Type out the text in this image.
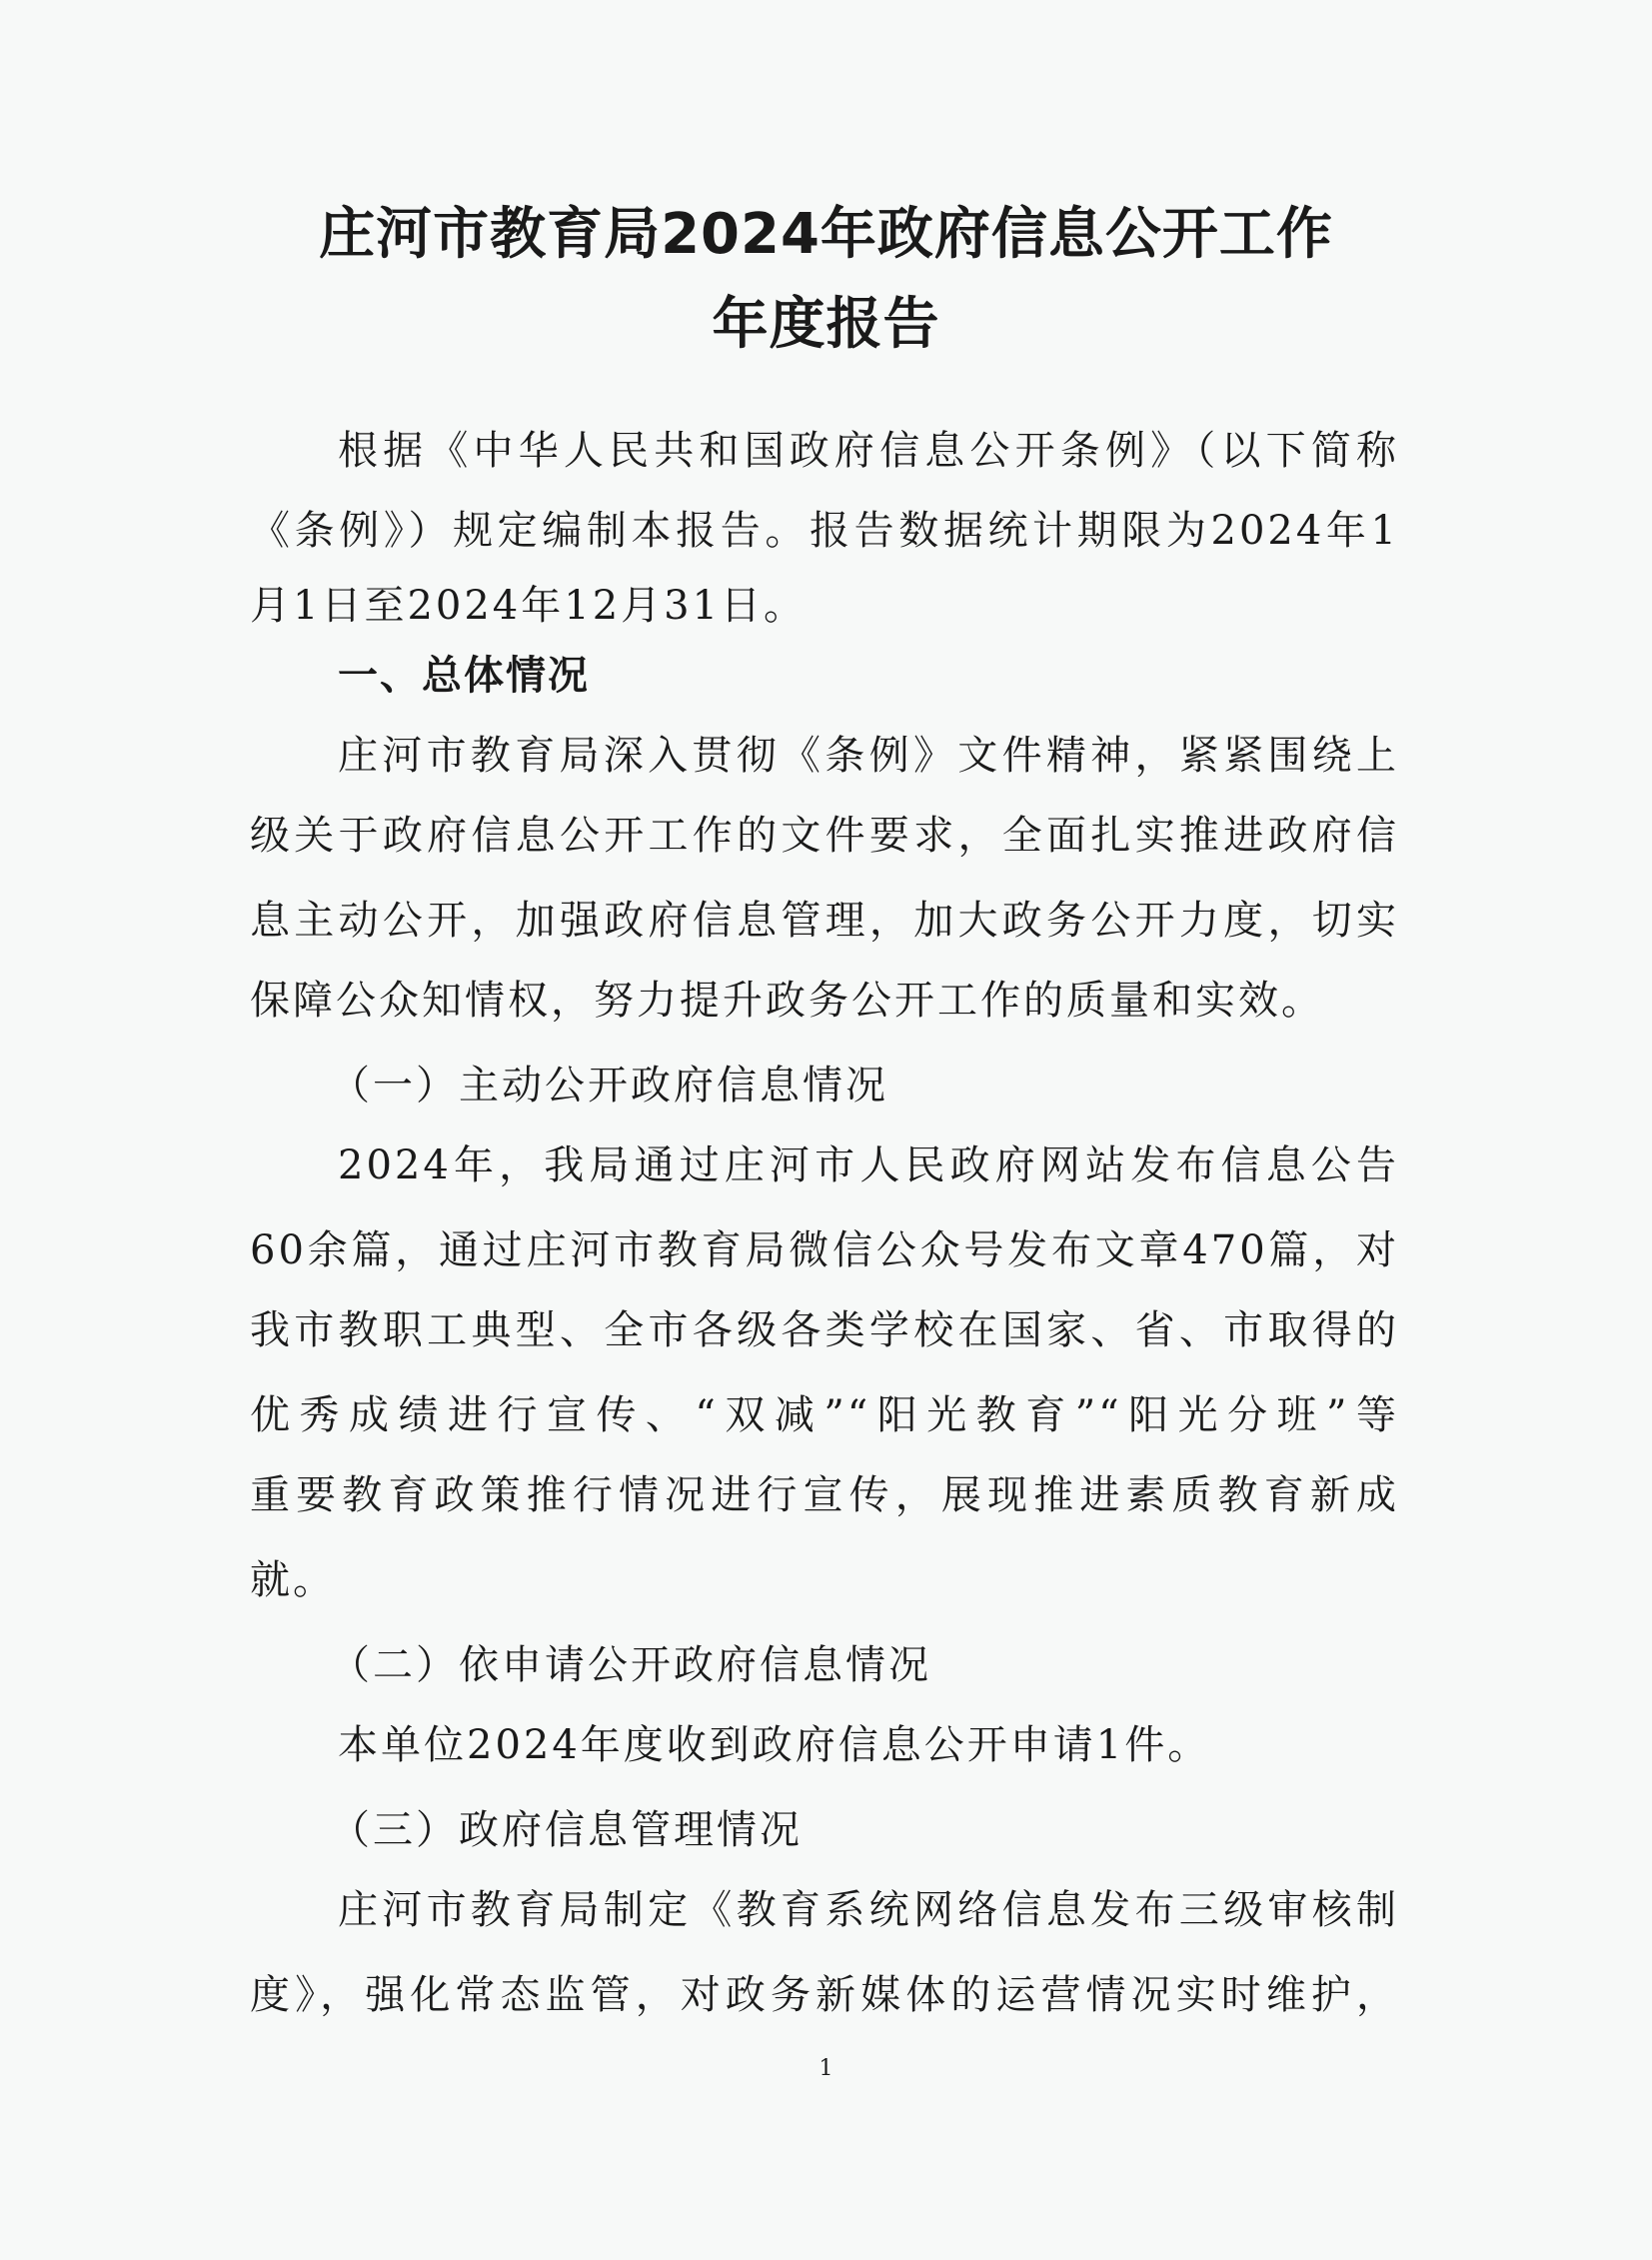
庄河市教育局2024年政府信息公开工作
年度报告

根据《中华人民共和国政府信息公开条例》（以下简称

《条例》）规定编制本报告。报告数据统计期限为2024年1

月1日至2024年12月31日。

一、总体情况

庄河市教育局深入贯彻《条例》文件精神，紧紧围绕上

级关于政府信息公开工作的文件要求，全面扎实推进政府信

息主动公开，加强政府信息管理，加大政务公开力度，切实

保障公众知情权，努力提升政务公开工作的质量和实效。

（一）主动公开政府信息情况

2024年，我局通过庄河市人民政府网站发布信息公告

60余篇，通过庄河市教育局微信公众号发布文章470篇，对

我市教职工典型、全市各级各类学校在国家、省、市取得的

优秀成绩进行宣传、“双减”“阳光教育”“阳光分班”等

重要教育政策推行情况进行宣传，展现推进素质教育新成

就。

（二）依申请公开政府信息情况

本单位2024年度收到政府信息公开申请1件。

（三）政府信息管理情况

庄河市教育局制定《教育系统网络信息发布三级审核制

度》，强化常态监管，对政务新媒体的运营情况实时维护，

1
